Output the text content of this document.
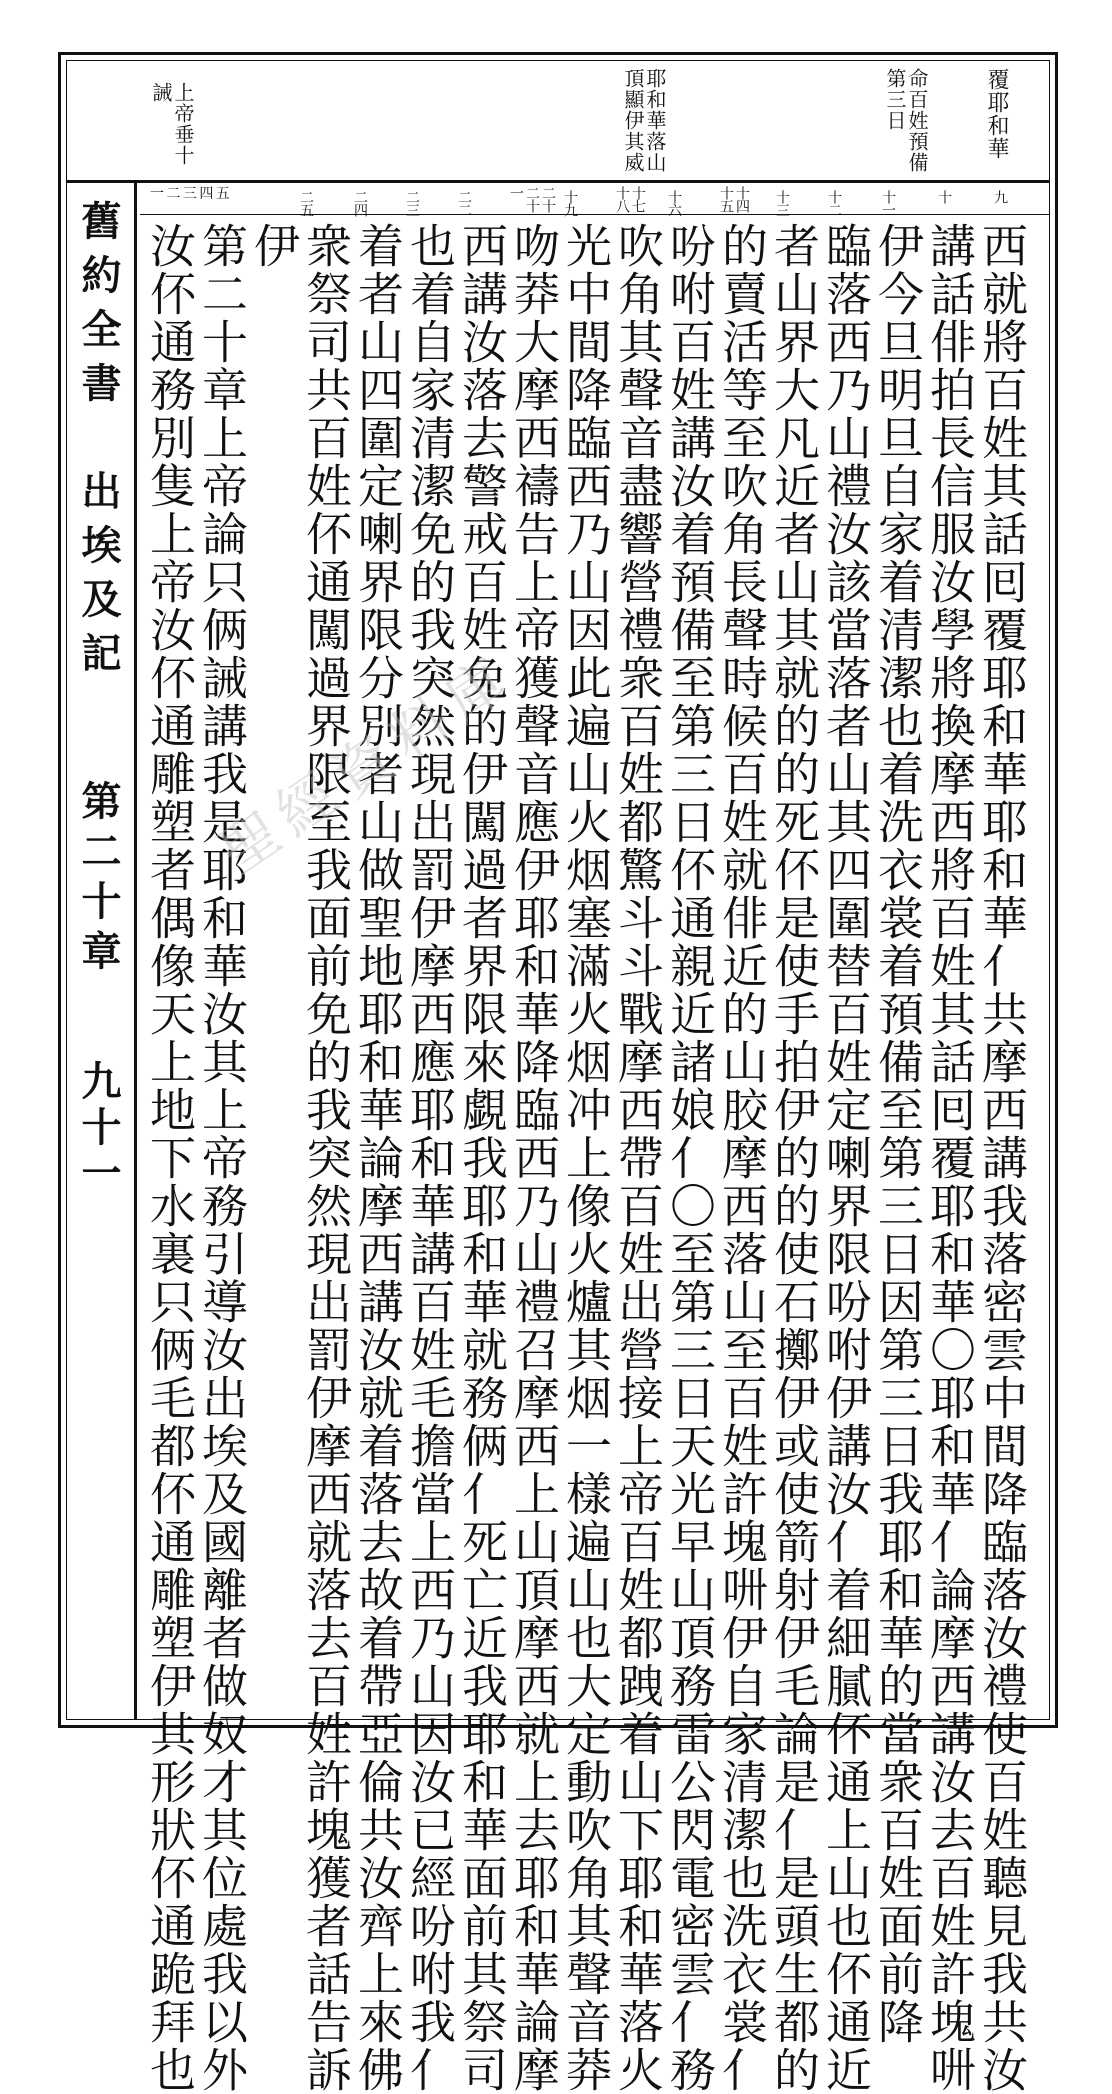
覆耶和華
命百姓預備第三日
耶和華落山頂顯伊其威
上帝垂十誡
九
十
十一
十二
十三
十四十五
十六
十七十八
十九
二十二十一
二二
二三
二四
二五
一 二 三 四 五
西就將百姓其話囘覆耶和華耶和華亻共摩西講我落密雲中間降臨落汝禮使百姓聽見我共汝
講話俳拍長信服汝學將換摩西將百姓其話囘覆耶和華〇耶和華亻論摩西講汝去百姓許塊𠯢
伊今旦明旦自家着清潔也着洗衣裳着預備至第三日因第三日我耶和華的當衆百姓面前降
臨落西乃山禮汝該當落者山其四圍替百姓定喇界限吩咐伊講汝亻着細膩伓通上山也伓通近
者山界大凡近者山其就的的死伓是使手拍伊的的使石擲伊或使箭射伊毛論是亻是頭生都的
的賣活等至吹角長聲時候百姓就俳近的山胶摩西落山至百姓許塊𠯢伊自家清潔也洗衣裳亻
吩咐百姓講汝着預備至第三日伓通親近諸娘亻〇至第三日天光早山頂務雷公閃電密雲亻務
吹角其聲音盡響營禮衆百姓都驚斗斗戰摩西帶百姓出營接上帝百姓都跩着山下耶和華落火
光中間降臨西乃山因此遍山火烟塞滿火烟冲上像火爐其烟一樣遍山也大定動吹角其聲音莽
吻莽大摩西禱告上帝獲聲音應伊耶和華降臨西乃山禮召摩西上山頂摩西就上去耶和華論摩
西講汝落去警戒百姓免的伊闖過者界限來覷我耶和華就務俩亻死亡近我耶和華面前其祭司
也着自家清潔免的我突然現出罰伊摩西應耶和華講百姓毛擔當上西乃山因汝已經吩咐我亻
着者山四圍定喇界限分別者山做聖地耶和華論摩西講汝就着落去故着帶亞倫共汝齊上來佛
衆祭司共百姓伓通闖過界限至我面前免的我突然現出罰伊摩西就落去百姓許塊獲者話告訴
伊
第二十章上帝論只俩誡講我是耶和華汝其上帝務引導汝出埃及國離者做奴才其位處我以外
汝伓通務別隻上帝汝伓通雕塑者偶像天上地下水裏只俩毛都伓通雕塑伊其形狀伓通跪拜也
舊約全書
出埃及記
第二十章
九十一
聖經資料庫
